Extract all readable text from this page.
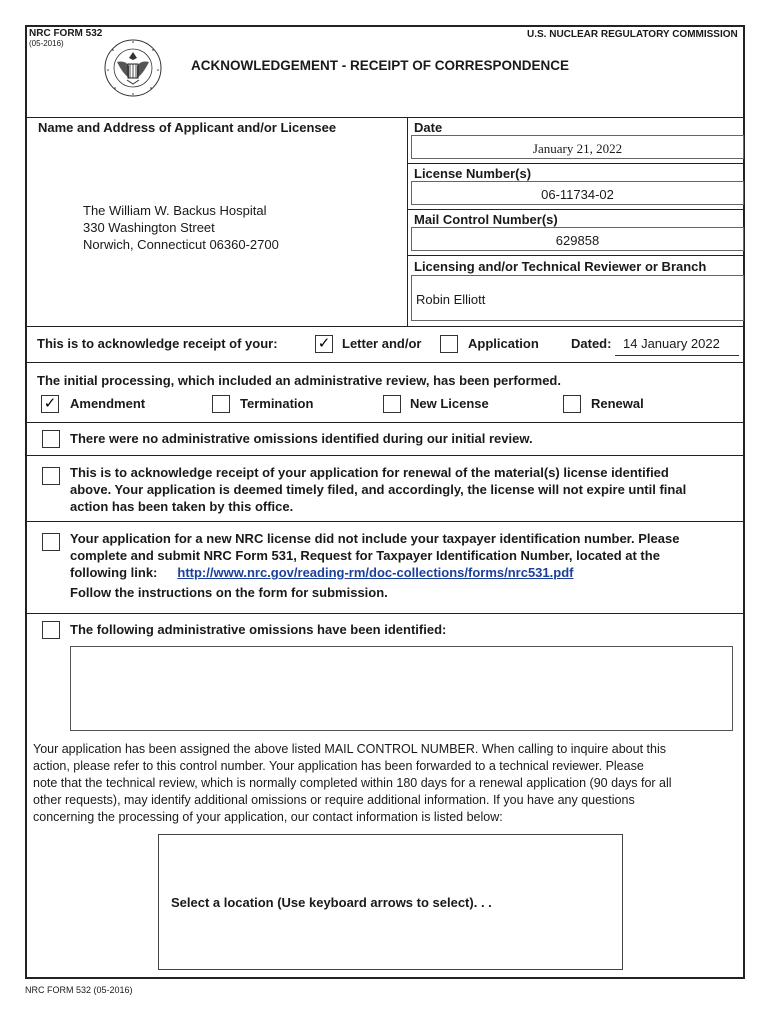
NRC FORM 532
(05-2016)
U.S. NUCLEAR REGULATORY COMMISSION
ACKNOWLEDGEMENT - RECEIPT OF CORRESPONDENCE
Name and Address of Applicant and/or Licensee
The William W. Backus Hospital
330 Washington Street
Norwich, Connecticut 06360-2700
Date
January 21, 2022
License Number(s)
06-11734-02
Mail Control Number(s)
629858
Licensing and/or Technical Reviewer or Branch
Robin Elliott
This is to acknowledge receipt of your:	✓ Letter and/or	Application Dated: 14 January 2022
The initial processing, which included an administrative review, has been performed.
✓ Amendment	Termination	New License	Renewal
There were no administrative omissions identified during our initial review.
This is to acknowledge receipt of your application for renewal of the material(s) license identified
above. Your application is deemed timely filed, and accordingly, the license will not expire until final
action has been taken by this office.
Your application for a new NRC license did not include your taxpayer identification number. Please
complete and submit NRC Form 531, Request for Taxpayer Identification Number, located at the
following link: http://www.nrc.gov/reading-rm/doc-collections/forms/nrc531.pdf
Follow the instructions on the form for submission.
The following administrative omissions have been identified:
Your application has been assigned the above listed MAIL CONTROL NUMBER. When calling to inquire about this
action, please refer to this control number. Your application has been forwarded to a technical reviewer. Please
note that the technical review, which is normally completed within 180 days for a renewal application (90 days for all
other requests), may identify additional omissions or require additional information. If you have any questions
concerning the processing of your application, our contact information is listed below:
Select a location (Use keyboard arrows to select). . .
NRC FORM 532 (05-2016)
